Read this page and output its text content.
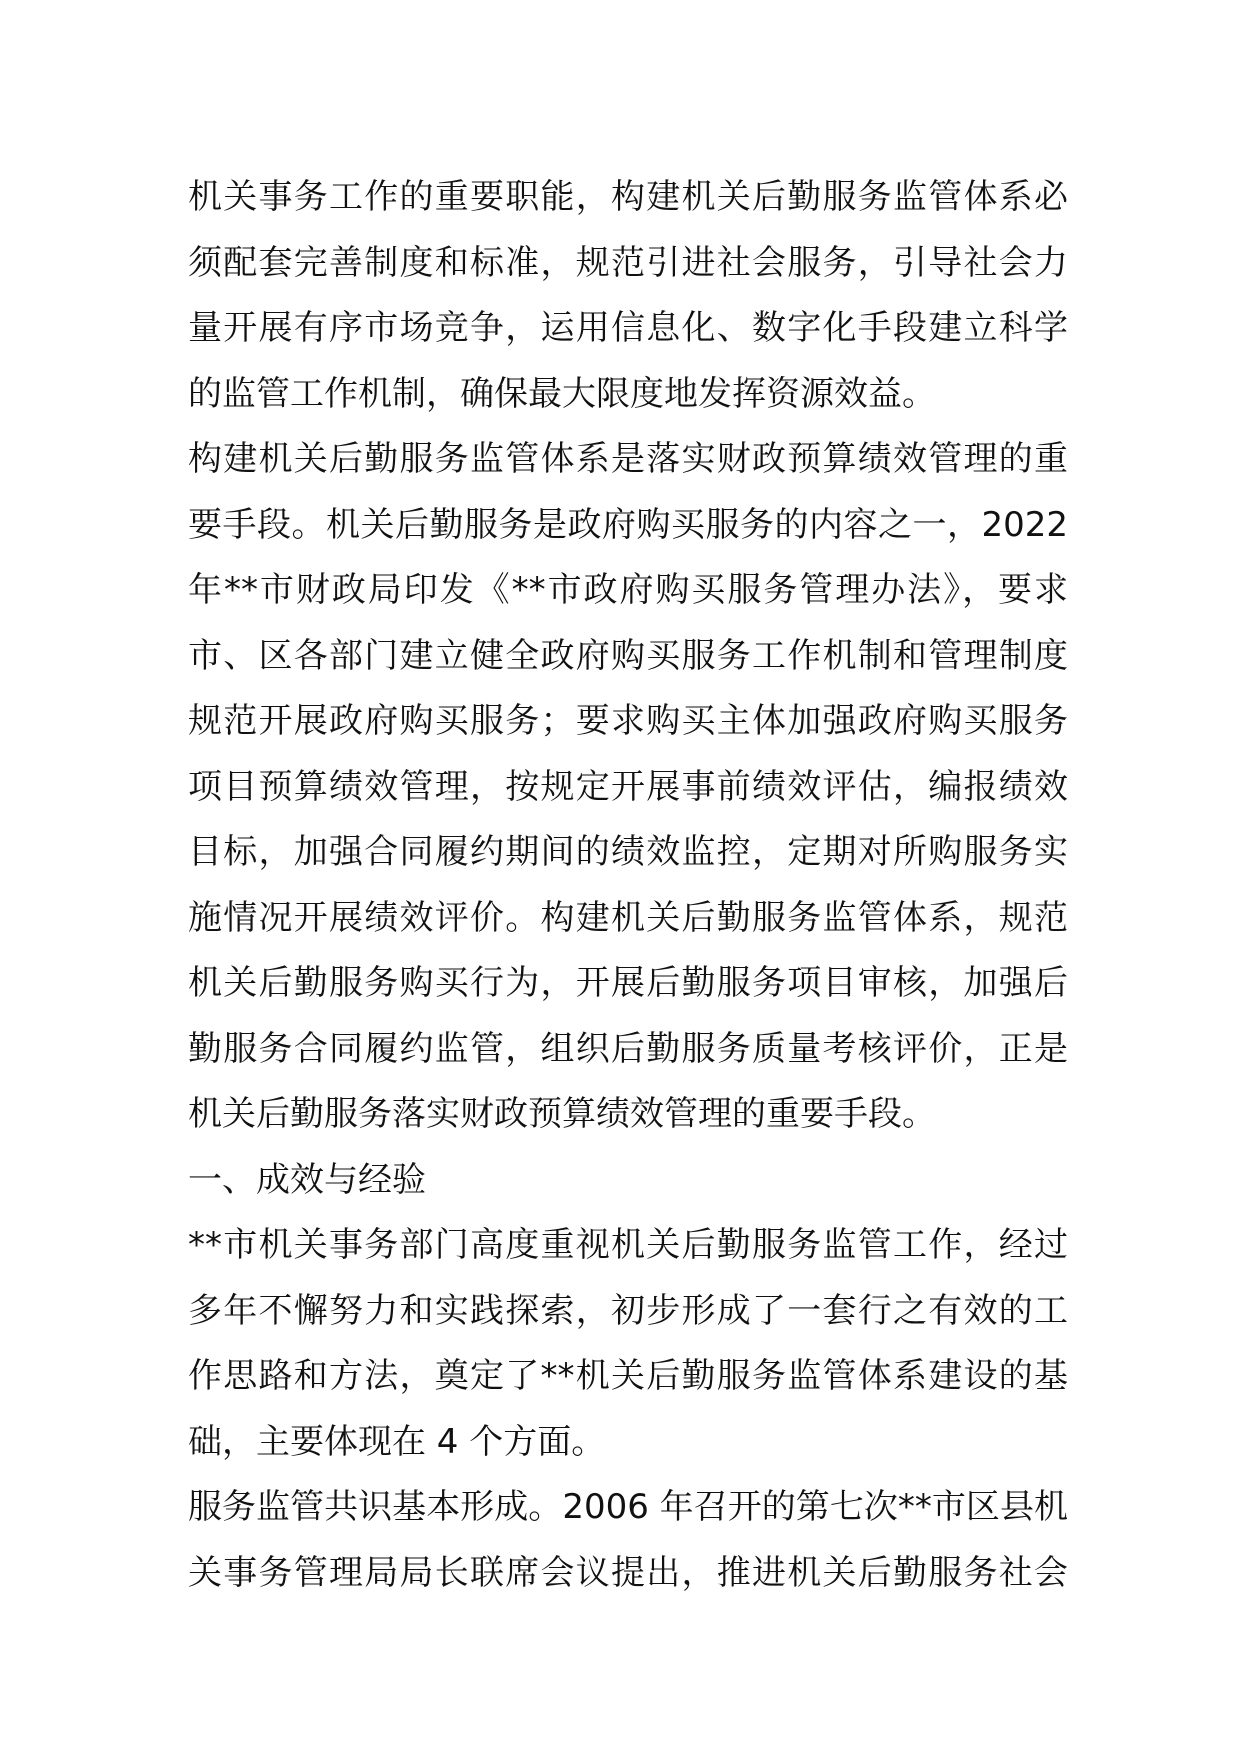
机关事务工作的重要职能，构建机关后勤服务监管体系必
须配套完善制度和标准，规范引进社会服务，引导社会力
量开展有序市场竞争，运用信息化、数字化手段建立科学
的监管工作机制，确保最大限度地发挥资源效益。
构建机关后勤服务监管体系是落实财政预算绩效管理的重
要手段。机关后勤服务是政府购买服务的内容之一，2022
年**市财政局印发《**市政府购买服务管理办法》，要求
市、区各部门建立健全政府购买服务工作机制和管理制度
规范开展政府购买服务；要求购买主体加强政府购买服务
项目预算绩效管理，按规定开展事前绩效评估，编报绩效
目标，加强合同履约期间的绩效监控，定期对所购服务实
施情况开展绩效评价。构建机关后勤服务监管体系，规范
机关后勤服务购买行为，开展后勤服务项目审核，加强后
勤服务合同履约监管，组织后勤服务质量考核评价，正是
机关后勤服务落实财政预算绩效管理的重要手段。
一、成效与经验
**市机关事务部门高度重视机关后勤服务监管工作，经过
多年不懈努力和实践探索，初步形成了一套行之有效的工
作思路和方法，奠定了**机关后勤服务监管体系建设的基
础，主要体现在 4 个方面。
服务监管共识基本形成。2006 年召开的第七次**市区县机
关事务管理局局长联席会议提出，推进机关后勤服务社会
